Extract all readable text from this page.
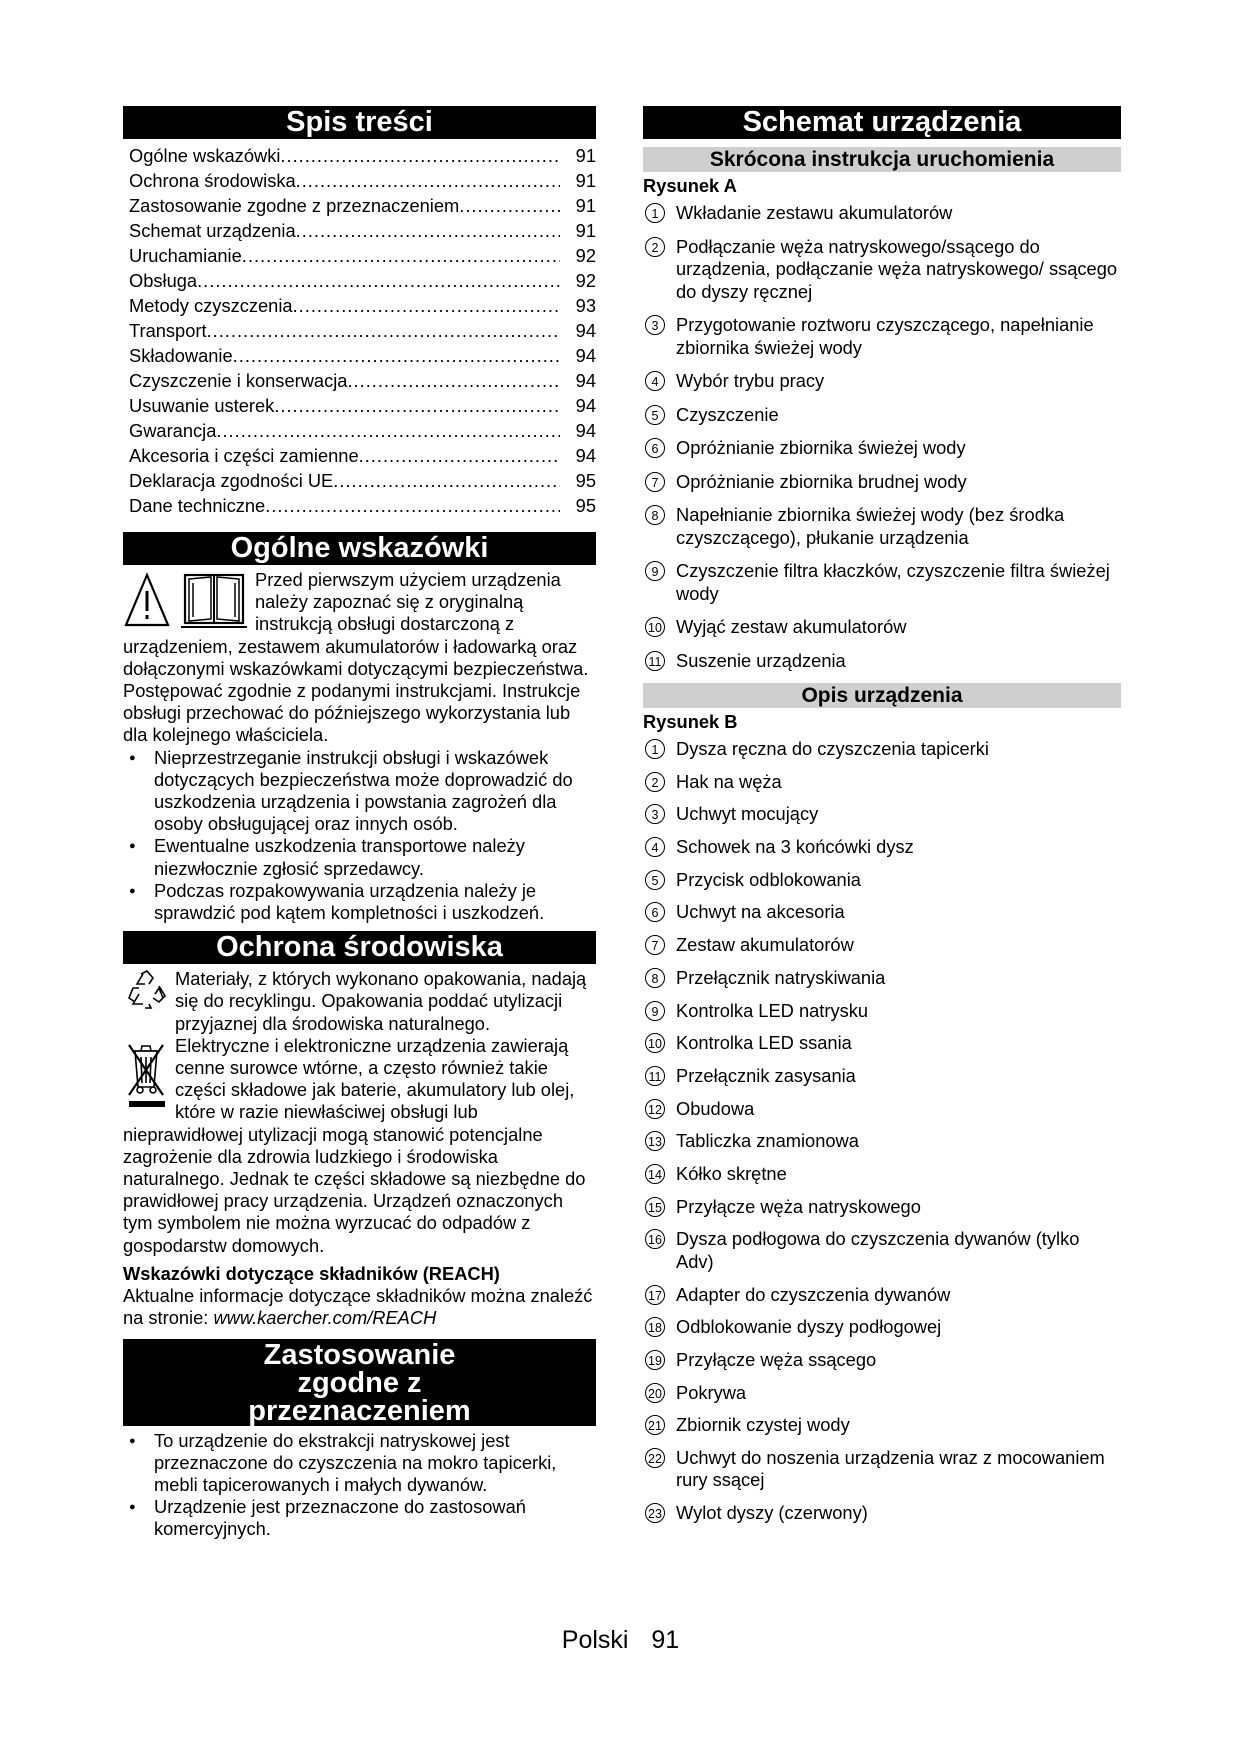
Spis treści
Ogólne wskazówki .....	91
Ochrona środowiska .....	91
Zastosowanie zgodne z przeznaczeniem .....	91
Schemat urządzenia .....	91
Uruchamianie .....	92
Obsługa .....	92
Metody czyszczenia .....	93
Transport .....	94
Składowanie .....	94
Czyszczenie i konserwacja .....	94
Usuwanie usterek .....	94
Gwarancja .....	94
Akcesoria i części zamienne .....	94
Deklaracja zgodności UE .....	95
Dane techniczne .....	95
Ogólne wskazówki

Przed pierwszym użyciem urządzenia należy zapoznać się z oryginalną instrukcją obsługi dostarczoną z urządzeniem, zestawem akumulatorów i ładowarką oraz dołączonymi wskazówkami dotyczącymi bezpieczeństwa. Postępować zgodnie z podanymi instrukcjami. Instrukcje obsługi przechować do późniejszego wykorzystania lub dla kolejnego właściciela.

● Nieprzestrzeganie instrukcji obsługi i wskazówek dotyczących bezpieczeństwa może doprowadzić do uszkodzenia urządzenia i powstania zagrożeń dla osoby obsługującej oraz innych osób.
● Ewentualne uszkodzenia transportowe należy niezwłocznie zgłosić sprzedawcy.
● Podczas rozpakowywania urządzenia należy je sprawdzić pod kątem kompletności i uszkodzeń.
Ochrona środowiska

Materiały, z których wykonano opakowania, nadają się do recyklingu. Opakowania poddać utylizacji przyjaznej dla środowiska naturalnego.

Elektryczne i elektroniczne urządzenia zawierają cenne surowce wtórne, a często również takie części składowe jak baterie, akumulatory lub olej, które w razie niewłaściwej obsługi lub nieprawidłowej utylizacji mogą stanowić potencjalne zagrożenie dla zdrowia ludzkiego i środowiska naturalnego. Jednak te części składowe są niezbędne do prawidłowej pracy urządzenia. Urządzeń oznaczonych tym symbolem nie można wyrzucać do odpadów z gospodarstw domowych.

Wskazówki dotyczące składników (REACH)

Aktualne informacje dotyczące składników można znaleźć na stronie: www.kaercher.com/REACH

Zastosowanie zgodne z przeznaczeniem
● To urządzenie do ekstrakcji natryskowej jest przeznaczone do czyszczenia na mokro tapicerki, mebli tapicerowanych i małych dywanów.
● Urządzenie jest przeznaczone do zastosowań komercyjnych.
Schemat urządzenia
Skrócona instrukcja uruchomienia
Rysunek A
1 Wkładanie zestawu akumulatorów
2 Podłączanie węża natryskowego/ssącego do urządzenia, podłączanie węża natryskowego/ ssącego do dyszy ręcznej
3 Przygotowanie roztworu czyszczącego, napełnianie zbiornika świeżej wody
4 Wybór trybu pracy
5 Czyszczenie
6 Opróżnianie zbiornika świeżej wody
7 Opróżnianie zbiornika brudnej wody
8 Napełnianie zbiornika świeżej wody (bez środka czyszczącego), płukanie urządzenia
9 Czyszczenie filtra kłaczków, czyszczenie filtra świeżej wody
10 Wyjąć zestaw akumulatorów
11 Suszenie urządzenia
Opis urządzenia
Rysunek B
1 Dysza ręczna do czyszczenia tapicerki
2 Hak na węża
3 Uchwyt mocujący
4 Schowek na 3 końcówki dysz
5 Przycisk odblokowania
6 Uchwyt na akcesoria
7 Zestaw akumulatorów
8 Przełącznik natryskiwania
9 Kontrolka LED natrysku
10 Kontrolka LED ssania
11 Przełącznik zasysania
12 Obudowa
13 Tabliczka znamionowa
14 Kółko skrętne
15 Przyłącze węża natryskowego
16 Dysza podłogowa do czyszczenia dywanów (tylko Adv)
17 Adapter do czyszczenia dywanów
18 Odblokowanie dyszy podłogowej
19 Przyłącze węża ssącego
20 Pokrywa
21 Zbiornik czystej wody
22 Uchwyt do noszenia urządzenia wraz z mocowaniem rury ssącej
23 Wylot dyszy (czerwony)
Polski 91
